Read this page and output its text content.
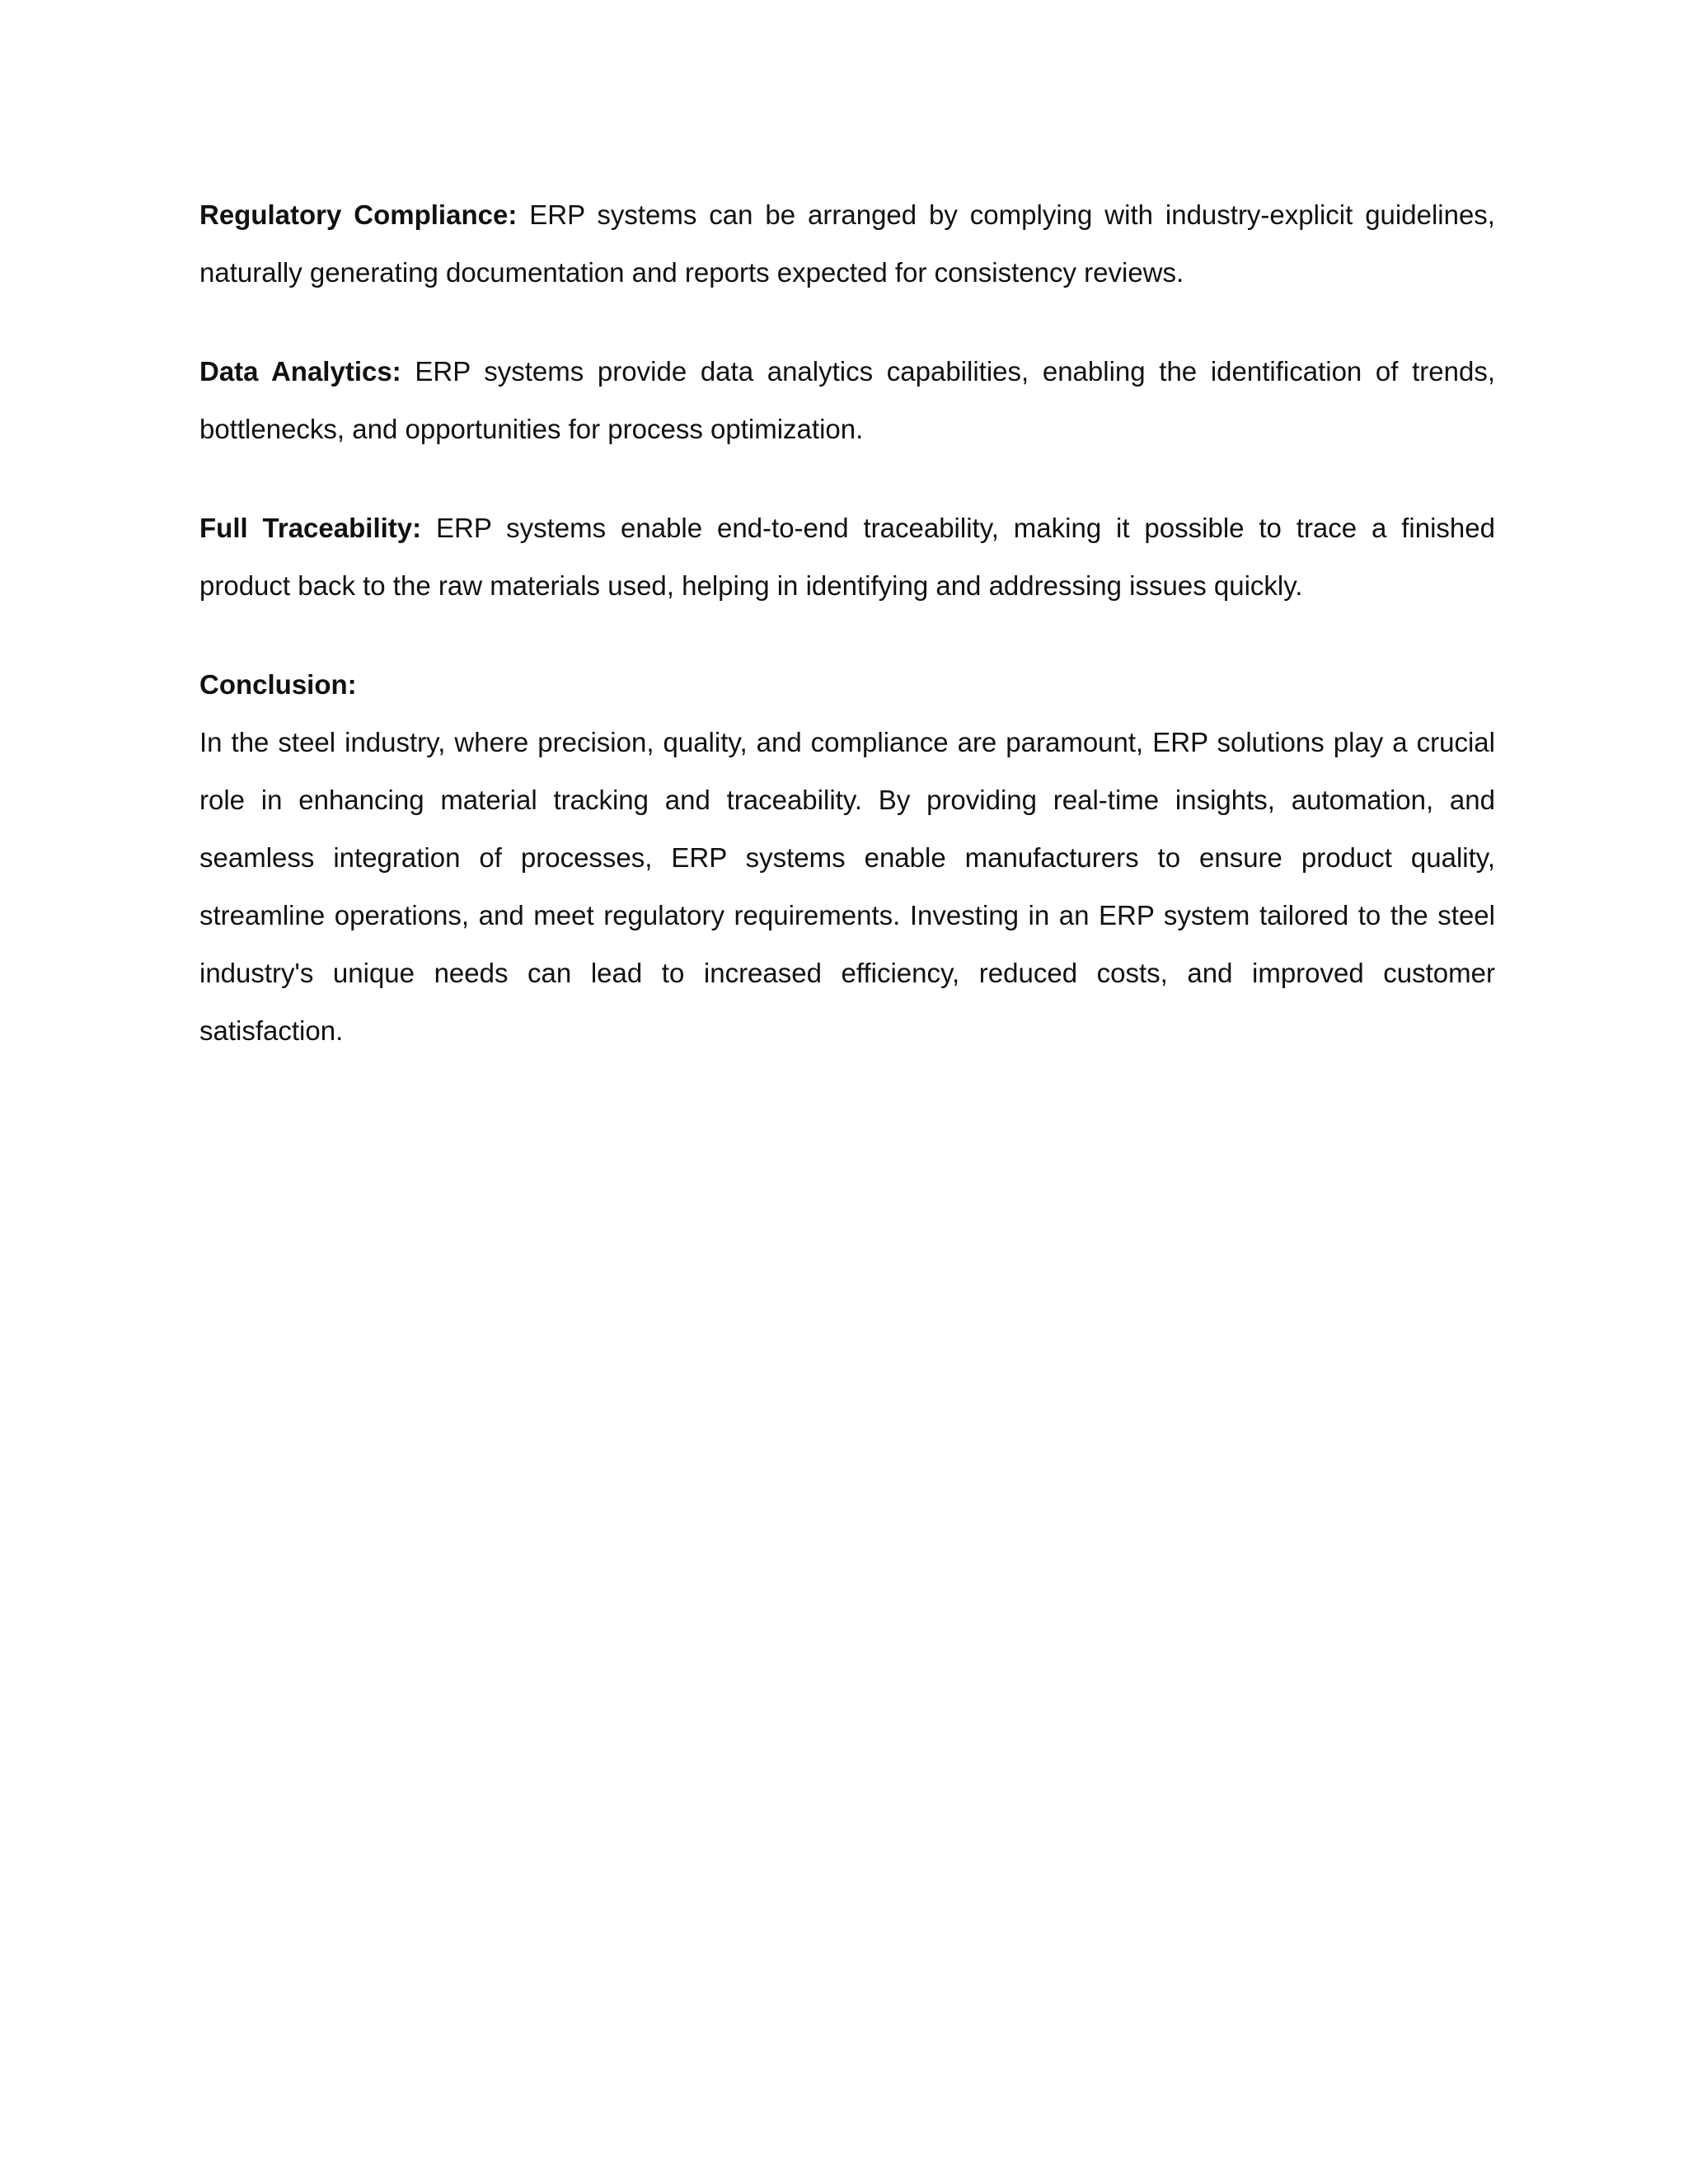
Regulatory Compliance: ERP systems can be arranged by complying with industry-explicit guidelines, naturally generating documentation and reports expected for consistency reviews.

Data Analytics: ERP systems provide data analytics capabilities, enabling the identification of trends, bottlenecks, and opportunities for process optimization.

Full Traceability: ERP systems enable end-to-end traceability, making it possible to trace a finished product back to the raw materials used, helping in identifying and addressing issues quickly.

Conclusion:

In the steel industry, where precision, quality, and compliance are paramount, ERP solutions play a crucial role in enhancing material tracking and traceability. By providing real-time insights, automation, and seamless integration of processes, ERP systems enable manufacturers to ensure product quality, streamline operations, and meet regulatory requirements. Investing in an ERP system tailored to the steel industry's unique needs can lead to increased efficiency, reduced costs, and improved customer satisfaction.
